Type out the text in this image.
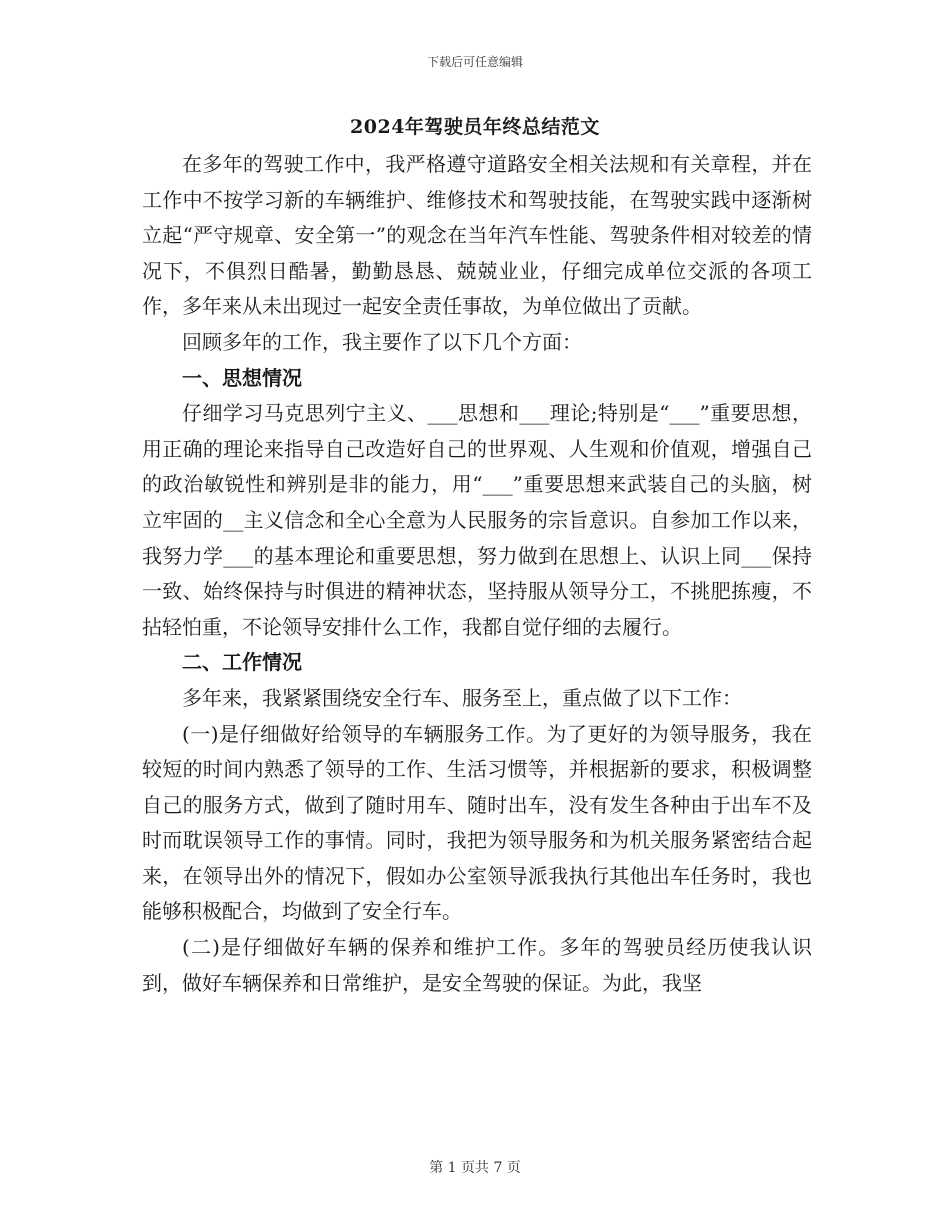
下载后可任意编辑
2024年驾驶员年终总结范文

在多年的驾驶工作中，我严格遵守道路安全相关法规和有关章程，并在工作中不按学习新的车辆维护、维修技术和驾驶技能，在驾驶实践中逐渐树立起“严守规章、安全第一”的观念在当年汽车性能、驾驶条件相对较差的情况下，不俱烈日酷暑，勤勤恳恳、兢兢业业，仔细完成单位交派的各项工作，多年来从未出现过一起安全责任事故，为单位做出了贡献。

回顾多年的工作，我主要作了以下几个方面：

一、思想情况

仔细学习马克思列宁主义、___思想和___理论;特别是“___”重要思想，用正确的理论来指导自己改造好自己的世界观、人生观和价值观，增强自己的政治敏锐性和辨别是非的能力，用“___”重要思想来武装自己的头脑，树立牢固的__主义信念和全心全意为人民服务的宗旨意识。自参加工作以来，我努力学___的基本理论和重要思想，努力做到在思想上、认识上同___保持一致、始终保持与时俱进的精神状态，坚持服从领导分工，不挑肥拣瘦，不拈轻怕重，不论领导安排什么工作，我都自觉仔细的去履行。

二、工作情况

多年来，我紧紧围绕安全行车、服务至上，重点做了以下工作：

(一)是仔细做好给领导的车辆服务工作。为了更好的为领导服务，我在较短的时间内熟悉了领导的工作、生活习惯等，并根据新的要求，积极调整自己的服务方式，做到了随时用车、随时出车，没有发生各种由于出车不及时而耽误领导工作的事情。同时，我把为领导服务和为机关服务紧密结合起来，在领导出外的情况下，假如办公室领导派我执行其他出车任务时，我也能够积极配合，均做到了安全行车。

(二)是仔细做好车辆的保养和维护工作。多年的驾驶员经历使我认识到，做好车辆保养和日常维护，是安全驾驶的保证。为此，我坚

第 1 页共 7 页
